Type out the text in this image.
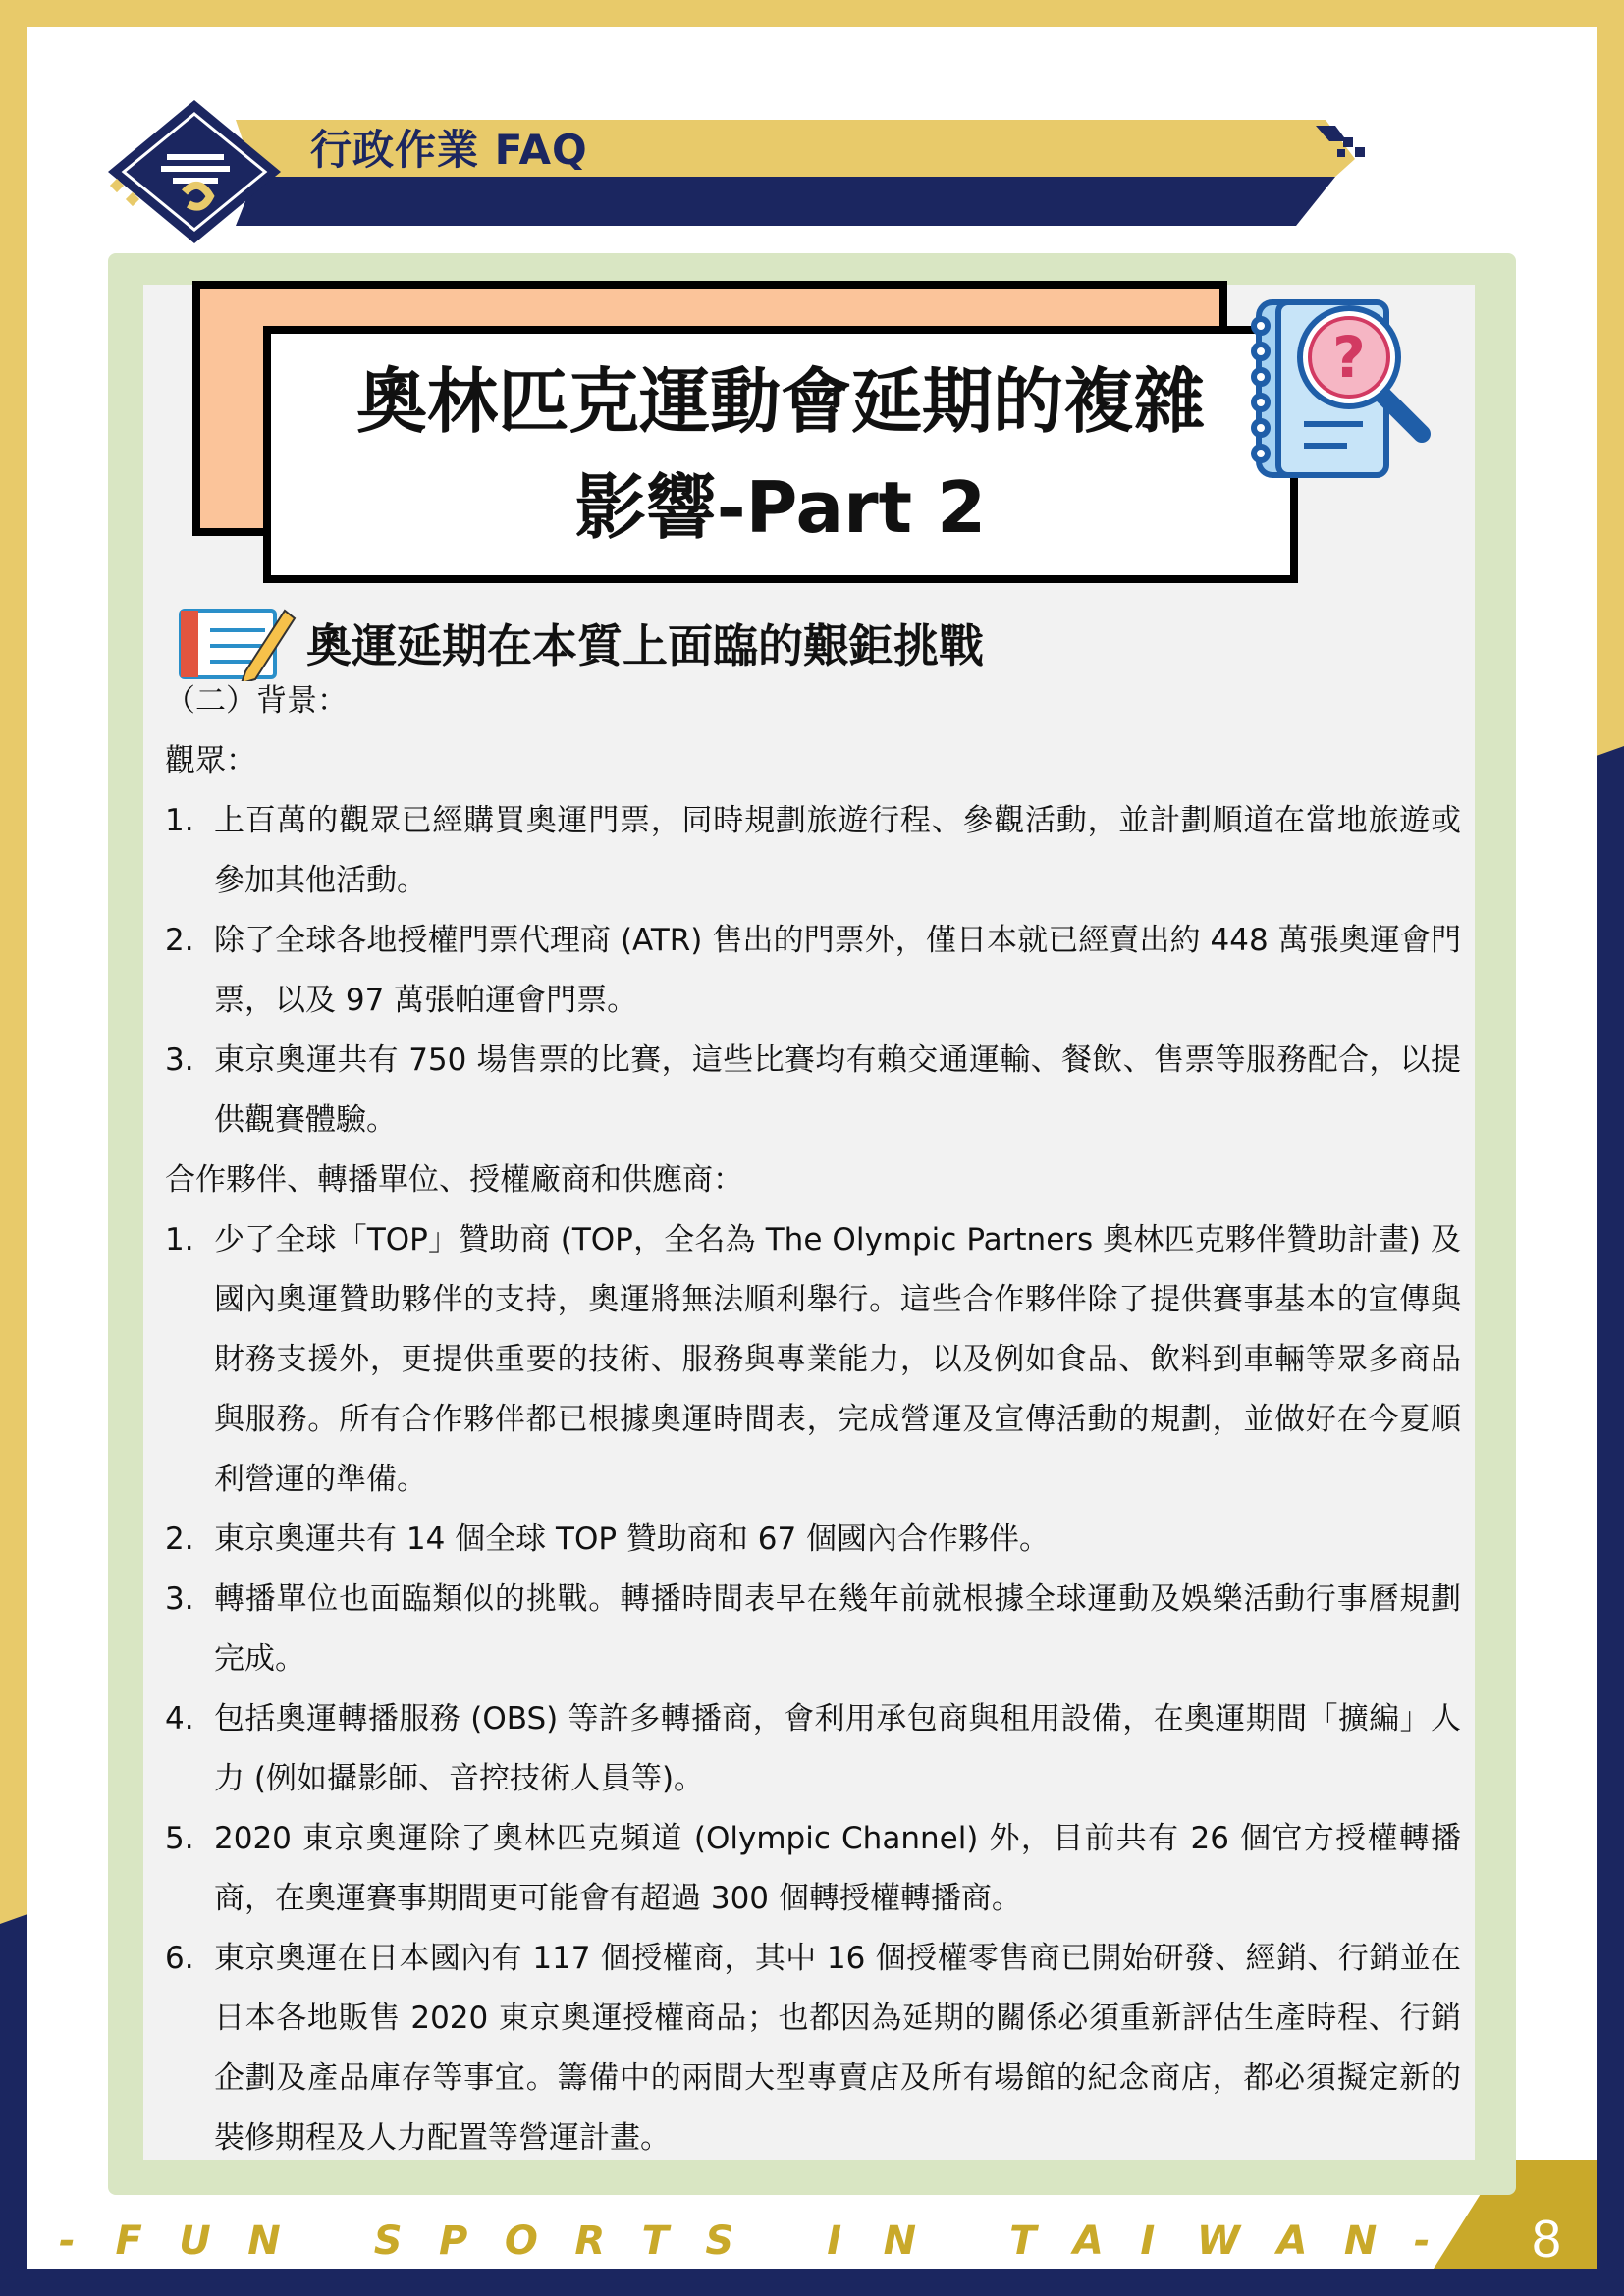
行政作業 FAQ
奧林匹克運動會延期的複雜
影響-Part 2
?
奧運延期在本質上面臨的艱鉅挑戰

（二）背景：

觀眾：

1. 上百萬的觀眾已經購買奧運門票，同時規劃旅遊行程、參觀活動，並計劃順道在當地旅遊或參加其他活動。
2. 除了全球各地授權門票代理商 (ATR) 售出的門票外，僅日本就已經賣出約 448 萬張奧運會門票，以及 97 萬張帕運會門票。
3. 東京奧運共有 750 場售票的比賽，這些比賽均有賴交通運輸、餐飲、售票等服務配合，以提供觀賽體驗。

合作夥伴、轉播單位、授權廠商和供應商：

1. 少了全球「TOP」贊助商 (TOP，全名為 The Olympic Partners 奧林匹克夥伴贊助計畫) 及國內奧運贊助夥伴的支持，奧運將無法順利舉行。這些合作夥伴除了提供賽事基本的宣傳與財務支援外，更提供重要的技術、服務與專業能力，以及例如食品、飲料到車輛等眾多商品與服務。所有合作夥伴都已根據奧運時間表，完成營運及宣傳活動的規劃，並做好在今夏順利營運的準備。
2. 東京奧運共有 14 個全球 TOP 贊助商和 67 個國內合作夥伴。
3. 轉播單位也面臨類似的挑戰。轉播時間表早在幾年前就根據全球運動及娛樂活動行事曆規劃完成。
4. 包括奧運轉播服務 (OBS) 等許多轉播商，會利用承包商與租用設備，在奧運期間「擴編」人力 (例如攝影師、音控技術人員等)。
5. 2020 東京奧運除了奧林匹克頻道 (Olympic Channel) 外，目前共有 26 個官方授權轉播商，在奧運賽事期間更可能會有超過 300 個轉授權轉播商。
6. 東京奧運在日本國內有 117 個授權商，其中 16 個授權零售商已開始研發、經銷、行銷並在日本各地販售 2020 東京奧運授權商品；也都因為延期的關係必須重新評估生產時程、行銷企劃及產品庫存等事宜。籌備中的兩間大型專賣店及所有場館的紀念商店，都必須擬定新的裝修期程及人力配置等營運計畫。
- F U N S P O R T S I N T A I W A N - 8
